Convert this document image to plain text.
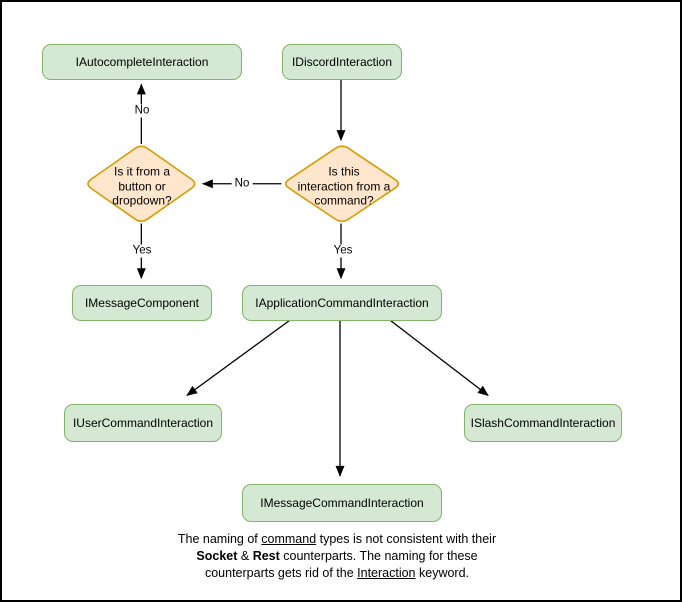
IAutocompleteInteraction	IDiscordInteraction
IMessageComponent	IApplicationCommandInteraction
IUserCommandInteraction
IMessageCommandInteraction
ISlashCommandInteraction
Is it from a
button or
dropdown?
Is this
interaction from a
command?
No
No
Yes	Yes
The naming of command types is not consistent with their
Socket & Rest counterparts. The naming for these
counterparts gets rid of the Interaction keyword.
